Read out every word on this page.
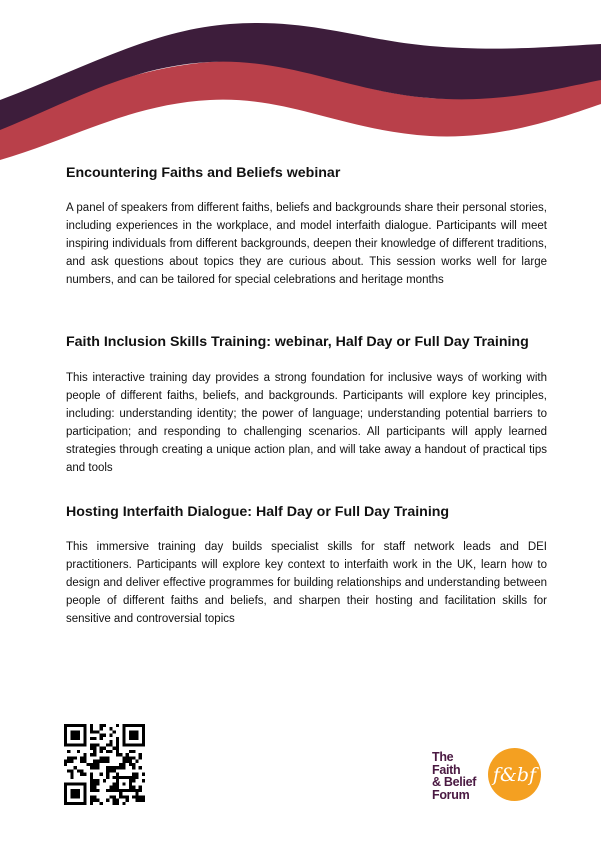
Encountering Faiths and Beliefs webinar

A panel of speakers from different faiths, beliefs and backgrounds share their personal stories, including experiences in the workplace, and model interfaith dialogue. Participants will meet inspiring individuals from different backgrounds, deepen their knowledge of different traditions, and ask questions about topics they are curious about. This session works well for large numbers, and can be tailored for special celebrations and heritage months

Faith Inclusion Skills Training: webinar, Half Day or Full Day Training

This interactive training day provides a strong foundation for inclusive ways of working with people of different faiths, beliefs, and backgrounds. Participants will explore key principles, including: understanding identity; the power of language; understanding potential barriers to participation; and responding to challenging scenarios. All participants will apply learned strategies through creating a unique action plan, and will take away a handout of practical tips and tools

Hosting Interfaith Dialogue: Half Day or Full Day Training

This immersive training day builds specialist skills for staff network leads and DEI practitioners. Participants will explore key context to interfaith work in the UK, learn how to design and deliver effective programmes for building relationships and understanding between people of different faiths and beliefs, and sharpen their hosting and facilitation skills for sensitive and controversial topics

The
Faith
& Belief
Forum
f&bf
